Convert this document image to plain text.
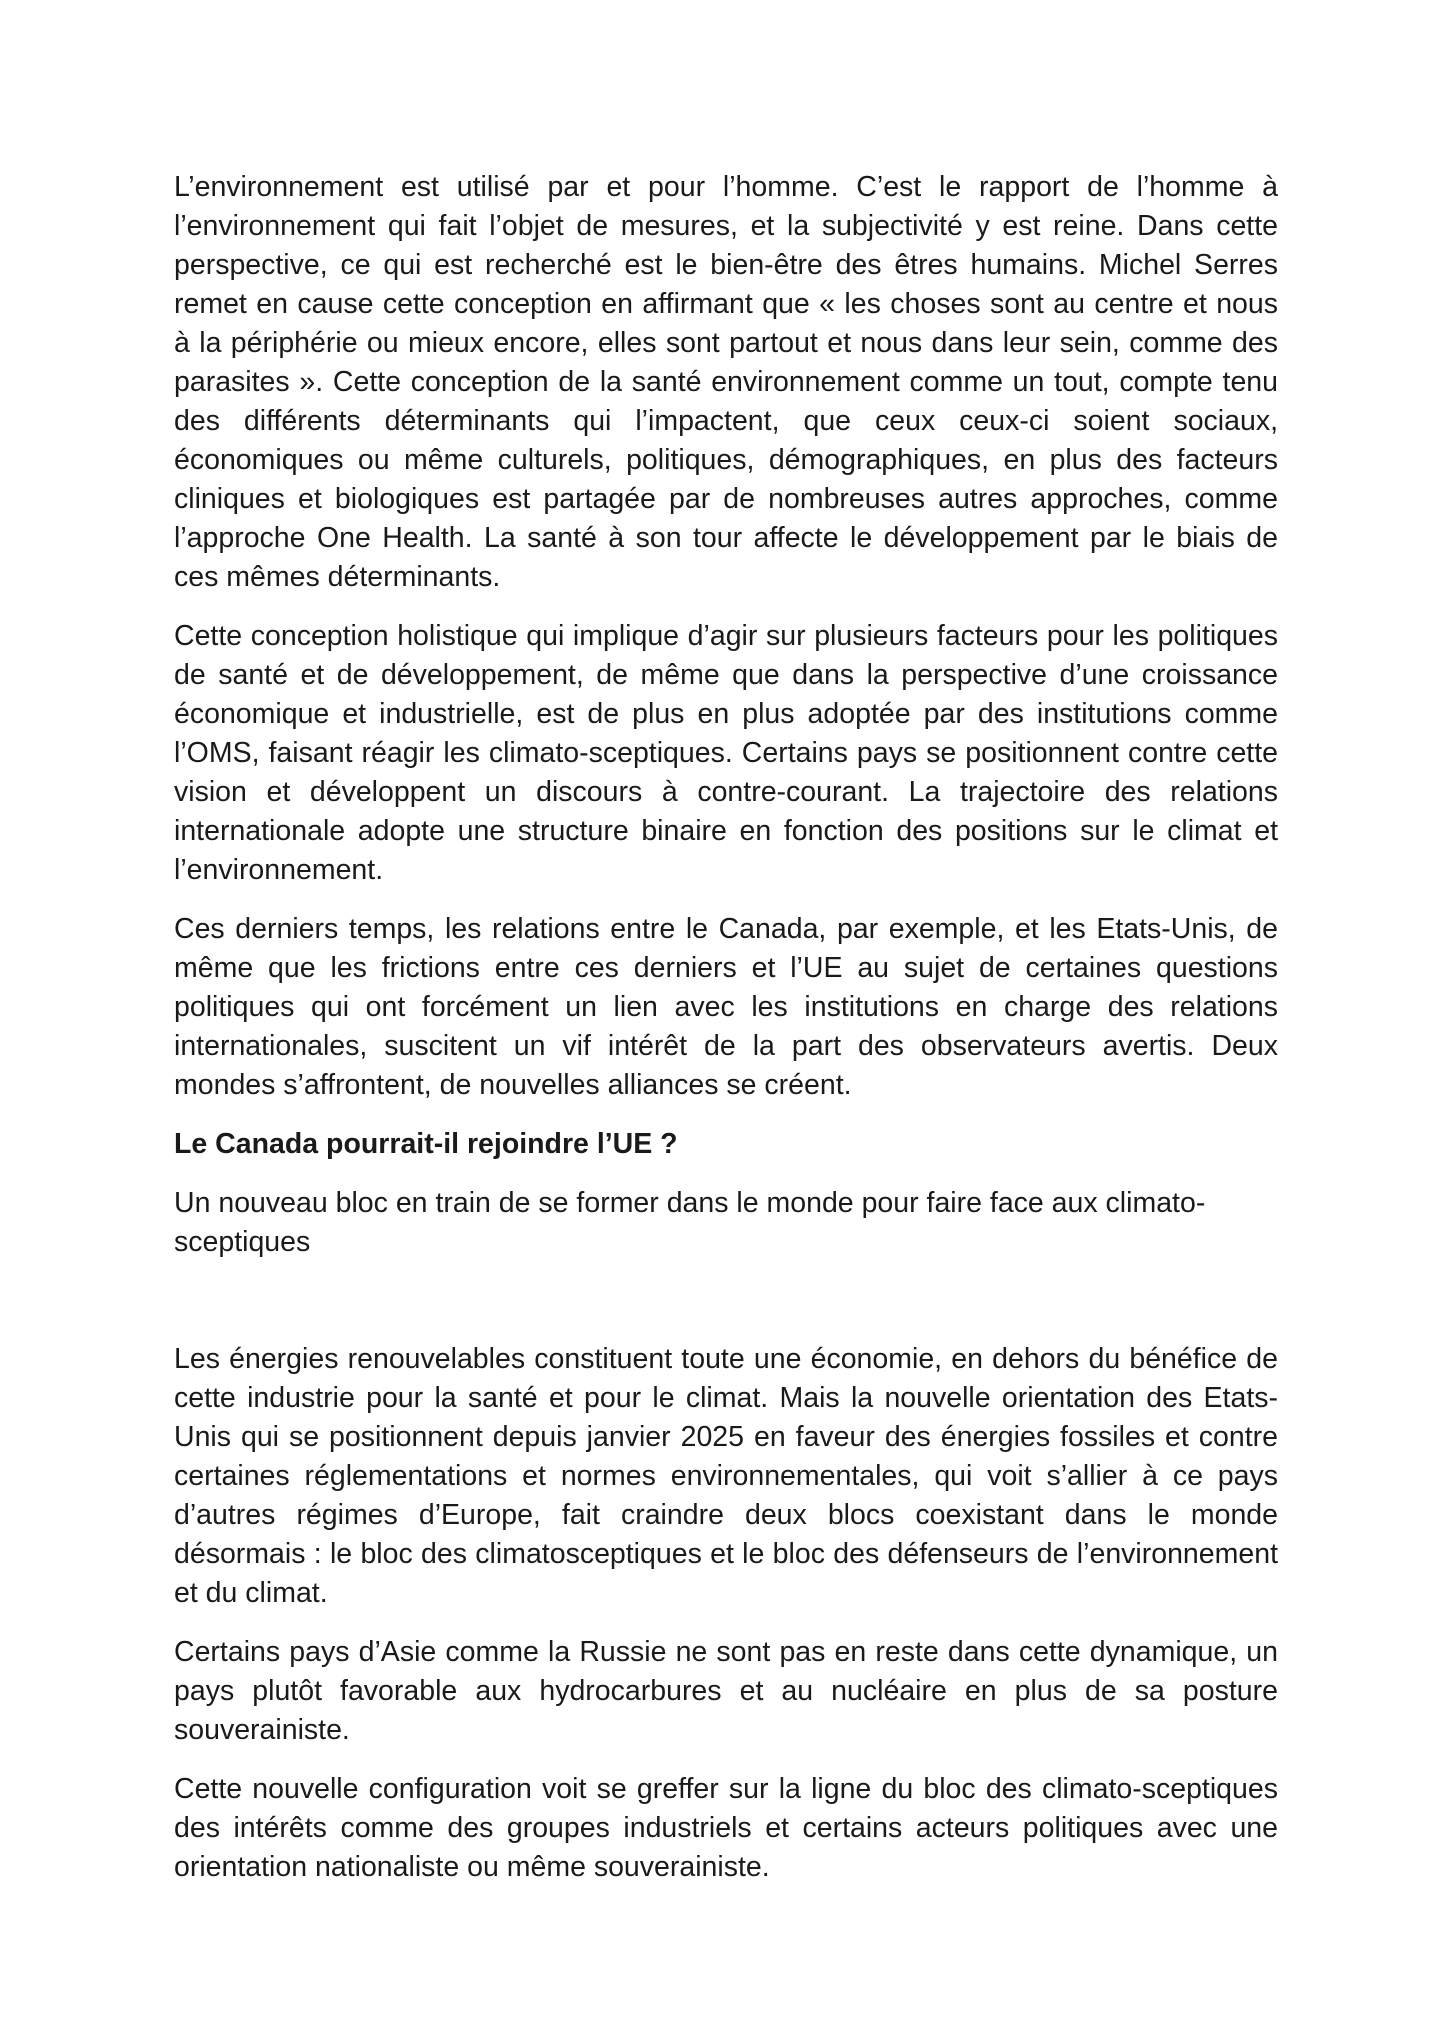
L’environnement est utilisé par et pour l’homme. C’est le rapport de l’homme à l’environnement qui fait l’objet de mesures, et la subjectivité y est reine. Dans cette perspective, ce qui est recherché est le bien-être des êtres humains. Michel Serres remet en cause cette conception en affirmant que « les choses sont au centre et nous à la périphérie ou mieux encore, elles sont partout et nous dans leur sein, comme des parasites ». Cette conception de la santé environnement comme un tout, compte tenu des différents déterminants qui l’impactent, que ceux ceux-ci soient sociaux, économiques ou même culturels, politiques, démographiques, en plus des facteurs cliniques et biologiques est partagée par de nombreuses autres approches, comme l’approche One Health. La santé à son tour affecte le développement par le biais de ces mêmes déterminants.

Cette conception holistique qui implique d’agir sur plusieurs facteurs pour les politiques de santé et de développement, de même que dans la perspective d’une croissance économique et industrielle, est de plus en plus adoptée par des institutions comme l’OMS, faisant réagir les climato-sceptiques. Certains pays se positionnent contre cette vision et développent un discours à contre-courant. La trajectoire des relations internationale adopte une structure binaire en fonction des positions sur le climat et l’environnement.

Ces derniers temps, les relations entre le Canada, par exemple, et les Etats-Unis, de même que les frictions entre ces derniers et l’UE au sujet de certaines questions politiques qui ont forcément un lien avec les institutions en charge des relations internationales, suscitent un vif intérêt de la part des observateurs avertis. Deux mondes s’affrontent, de nouvelles alliances se créent.

Le Canada pourrait-il rejoindre l’UE ?

Un nouveau bloc en train de se former dans le monde pour faire face aux climato-sceptiques

Les énergies renouvelables constituent toute une économie, en dehors du bénéfice de cette industrie pour la santé et pour le climat. Mais la nouvelle orientation des Etats-Unis qui se positionnent depuis janvier 2025 en faveur des énergies fossiles et contre certaines réglementations et normes environnementales, qui voit s’allier à ce pays d’autres régimes d’Europe, fait craindre deux blocs coexistant dans le monde désormais : le bloc des climatosceptiques et le bloc des défenseurs de l’environnement et du climat.

Certains pays d’Asie comme la Russie ne sont pas en reste dans cette dynamique, un pays plutôt favorable aux hydrocarbures et au nucléaire en plus de sa posture souverainiste.

Cette nouvelle configuration voit se greffer sur la ligne du bloc des climato-sceptiques des intérêts comme des groupes industriels et certains acteurs politiques avec une orientation nationaliste ou même souverainiste.
